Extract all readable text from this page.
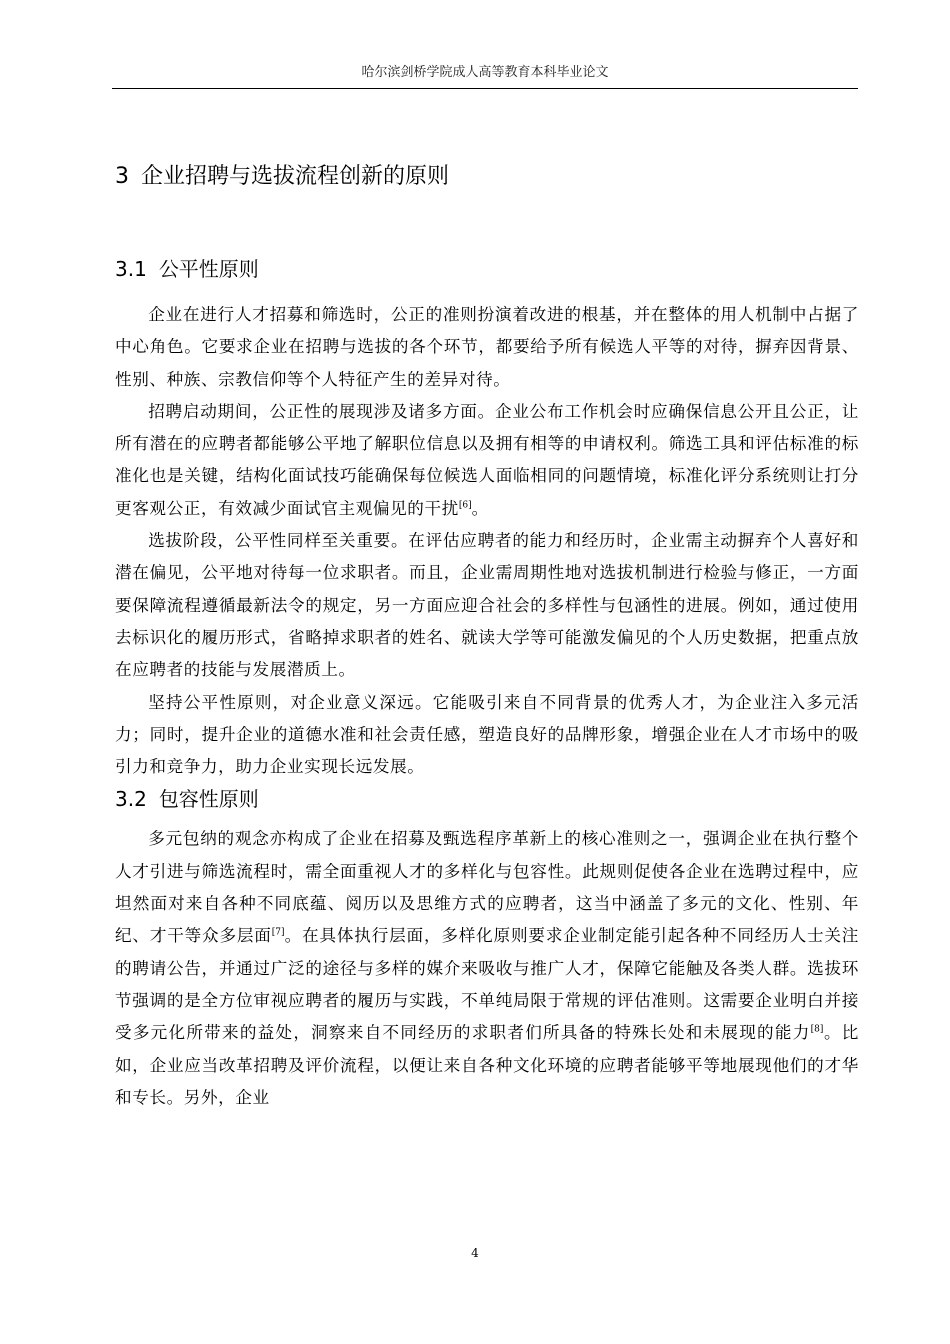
哈尔滨剑桥学院成人高等教育本科毕业论文
3 企业招聘与选拔流程创新的原则
3.1 公平性原则

企业在进行人才招募和筛选时，公正的准则扮演着改进的根基，并在整体的用人机制中占据了中心角色。它要求企业在招聘与选拔的各个环节，都要给予所有候选人平等的对待，摒弃因背景、性别、种族、宗教信仰等个人特征产生的差异对待。

招聘启动期间，公正性的展现涉及诸多方面。企业公布工作机会时应确保信息公开且公正，让所有潜在的应聘者都能够公平地了解职位信息以及拥有相等的申请权利。筛选工具和评估标准的标准化也是关键，结构化面试技巧能确保每位候选人面临相同的问题情境，标准化评分系统则让打分更客观公正，有效减少面试官主观偏见的干扰[6]。

选拔阶段，公平性同样至关重要。在评估应聘者的能力和经历时，企业需主动摒弃个人喜好和潜在偏见，公平地对待每一位求职者。而且，企业需周期性地对选拔机制进行检验与修正，一方面要保障流程遵循最新法令的规定，另一方面应迎合社会的多样性与包涵性的进展。例如，通过使用去标识化的履历形式，省略掉求职者的姓名、就读大学等可能激发偏见的个人历史数据，把重点放在应聘者的技能与发展潜质上。

坚持公平性原则，对企业意义深远。它能吸引来自不同背景的优秀人才，为企业注入多元活力；同时，提升企业的道德水准和社会责任感，塑造良好的品牌形象，增强企业在人才市场中的吸引力和竞争力，助力企业实现长远发展。

3.2 包容性原则

多元包纳的观念亦构成了企业在招募及甄选程序革新上的核心准则之一，强调企业在执行整个人才引进与筛选流程时，需全面重视人才的多样化与包容性。此规则促使各企业在选聘过程中，应坦然面对来自各种不同底蕴、阅历以及思维方式的应聘者，这当中涵盖了多元的文化、性别、年纪、才干等众多层面[7]。在具体执行层面，多样化原则要求企业制定能引起各种不同经历人士关注的聘请公告，并通过广泛的途径与多样的媒介来吸收与推广人才，保障它能触及各类人群。选拔环节强调的是全方位审视应聘者的履历与实践，不单纯局限于常规的评估准则。这需要企业明白并接受多元化所带来的益处，洞察来自不同经历的求职者们所具备的特殊长处和未展现的能力[8]。比如，企业应当改革招聘及评价流程，以便让来自各种文化环境的应聘者能够平等地展现他们的才华和专长。另外，企业

4
